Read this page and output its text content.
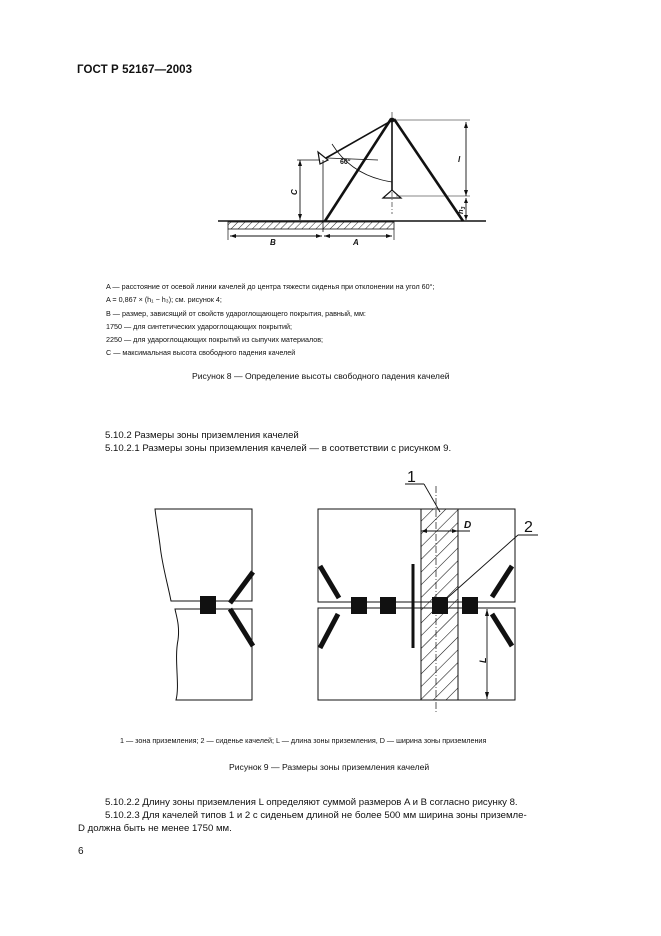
ГОСТ Р 52167—2003
60°
C
l
$h_3$
B	A
A — расстояние от осевой линии качелей до центра тяжести сиденья при отклонении на угол 60°;
A = 0,867 × (h₁ − h₃); см. рисунок 4;
B — размер, зависящий от свойств удароглощающего покрытия, равный, мм:
1750 — для синтетических удароглощающих покрытий;
2250 — для удароглощающих покрытий из сыпучих материалов;
C — максимальная высота свободного падения качелей
Рисунок 8 — Определение высоты свободного падения качелей
5.10.2 Размеры зоны приземления качелей
5.10.2.1 Размеры зоны приземления качелей — в соответствии с рисунком 9.
1
2
D
L
1 — зона приземления; 2 — сиденье качелей; L — длина зоны приземления, D — ширина зоны приземления
Рисунок 9 — Размеры зоны приземления качелей
5.10.2.2 Длину зоны приземления L определяют суммой размеров A и B согласно рисунку 8.
5.10.2.3 Для качелей типов 1 и 2 с сиденьем длиной не более 500 мм ширина зоны приземле-
D должна быть не менее 1750 мм.
6
